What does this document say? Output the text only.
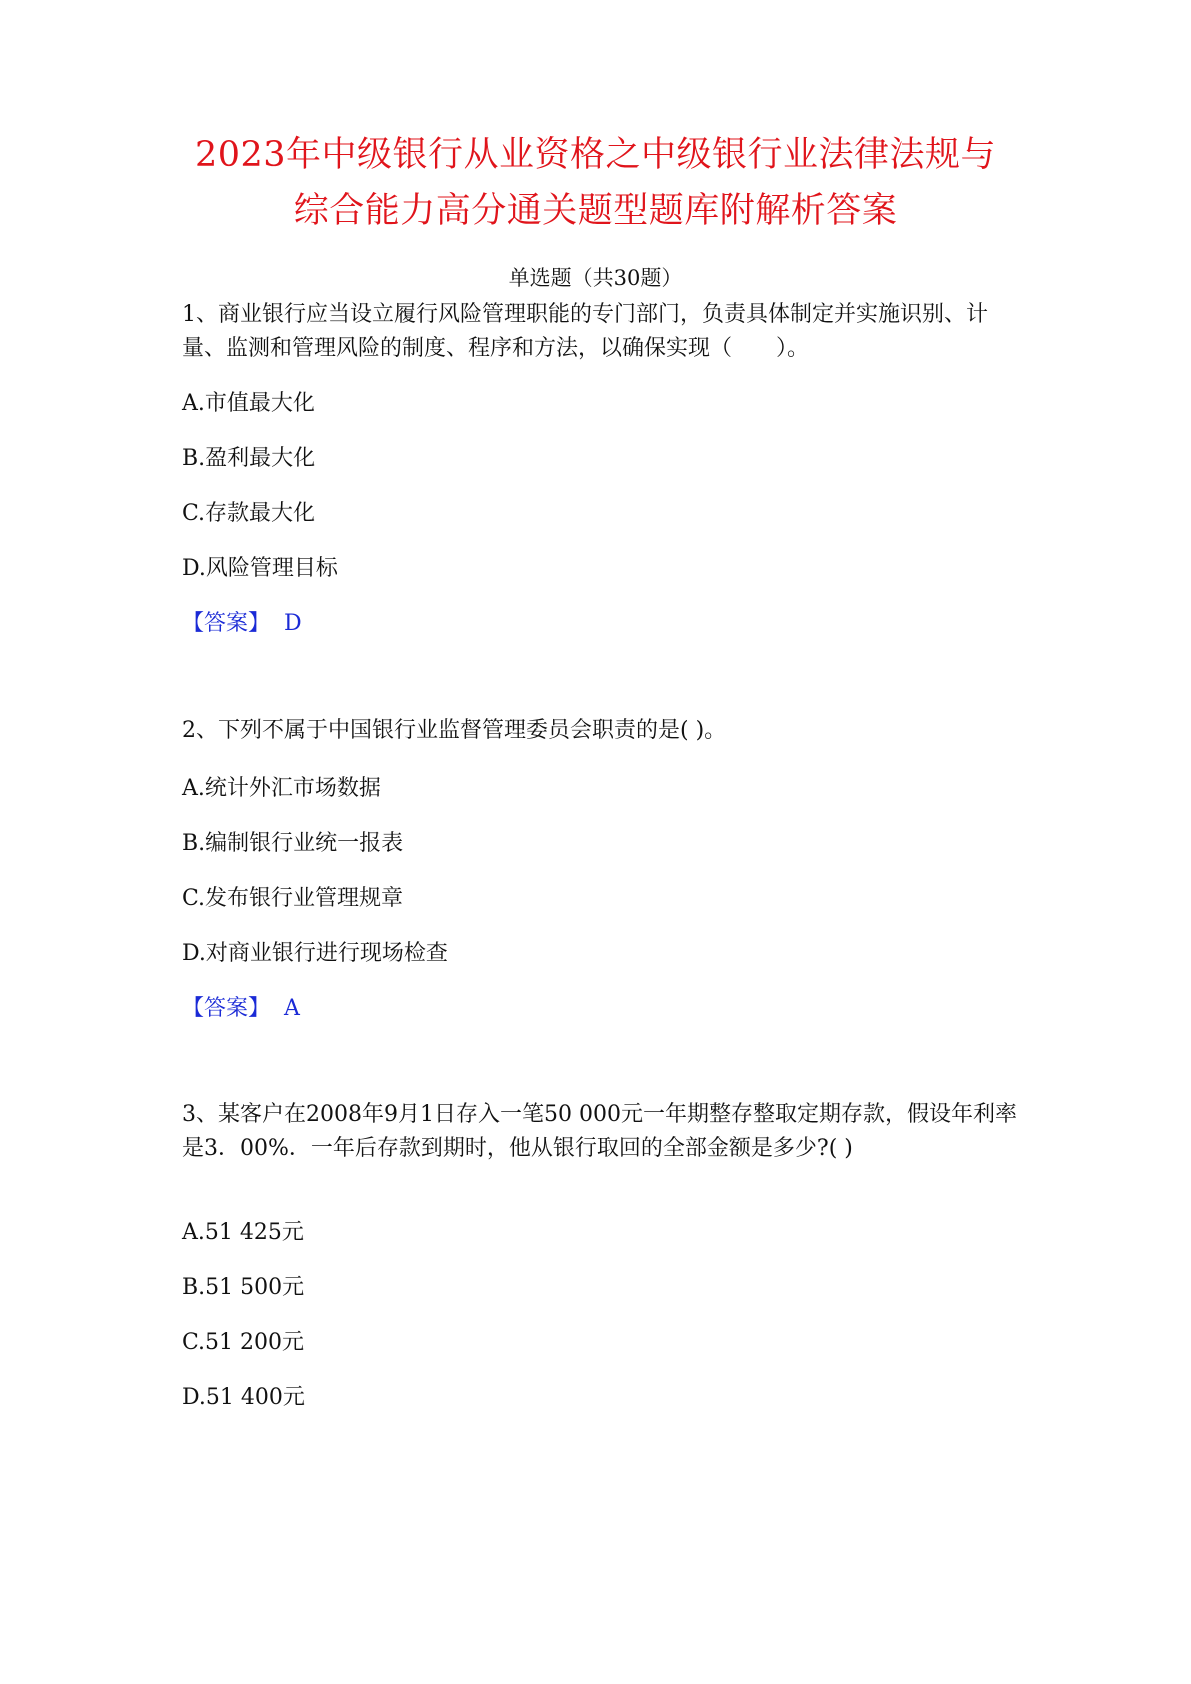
2023年中级银行从业资格之中级银行业法律法规与
综合能力高分通关题型题库附解析答案
单选题（共30题）

1、商业银行应当设立履行风险管理职能的专门部门，负责具体制定并实施识别、计量、监测和管理风险的制度、程序和方法，以确保实现（　　）。

A.市值最大化
B.盈利最大化
C.存款最大化
D.风险管理目标
【答案】 D

2、下列不属于中国银行业监督管理委员会职责的是( )。

A.统计外汇市场数据
B.编制银行业统一报表
C.发布银行业管理规章
D.对商业银行进行现场检查
【答案】 A

3、某客户在2008年9月1日存入一笔50 000元一年期整存整取定期存款，假设年利率是3．00%．一年后存款到期时，他从银行取回的全部金额是多少?( )

A.51 425元
B.51 500元
C.51 200元
D.51 400元
